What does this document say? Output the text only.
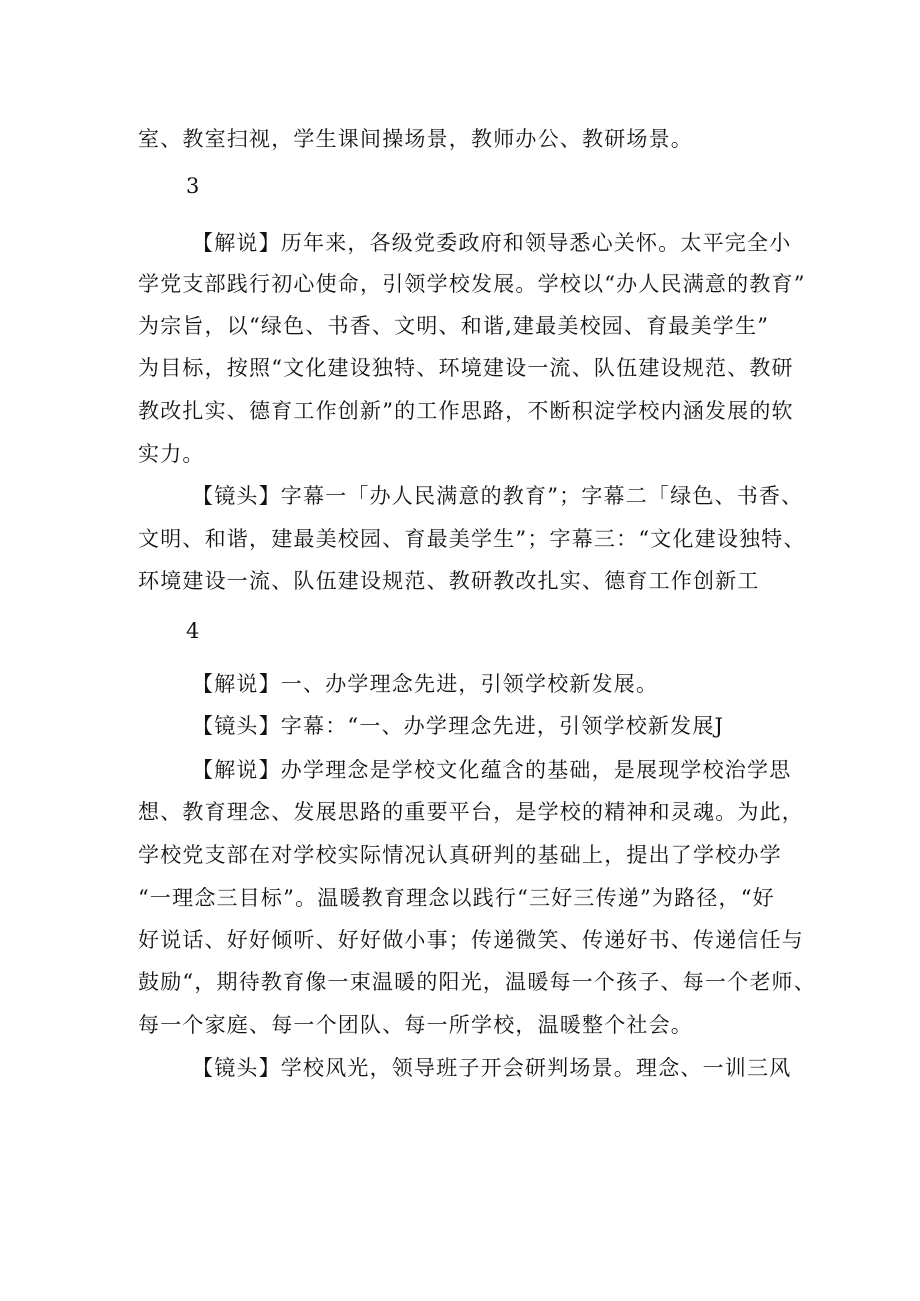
室、教室扫视，学生课间操场景，教师办公、教研场景。
3
【解说】历年来，各级党委政府和领导悉心关怀。太平完全小
学党支部践行初心使命，引领学校发展。学校以“办人民满意的教育”
为宗旨，以“绿色、书香、文明、和谐,建最美校园、育最美学生”
为目标，按照“文化建设独特、环境建设一流、队伍建设规范、教研
教改扎实、德育工作创新”的工作思路，不断积淀学校内涵发展的软
实力。
【镜头】字幕一「办人民满意的教育”；字幕二「绿色、书香、
文明、和谐，建最美校园、育最美学生”；字幕三：“文化建设独特、
环境建设一流、队伍建设规范、教研教改扎实、德育工作创新工
4
【解说】一、办学理念先进，引领学校新发展。
【镜头】字幕：“一、办学理念先进，引领学校新发展J
【解说】办学理念是学校文化蕴含的基础，是展现学校治学思
想、教育理念、发展思路的重要平台，是学校的精神和灵魂。为此，
学校党支部在对学校实际情况认真研判的基础上，提出了学校办学
“一理念三目标”。温暖教育理念以践行“三好三传递”为路径，“好
好说话、好好倾听、好好做小事；传递微笑、传递好书、传递信任与
鼓励“，期待教育像一束温暖的阳光，温暖每一个孩子、每一个老师、
每一个家庭、每一个团队、每一所学校，温暖整个社会。
【镜头】学校风光，领导班子开会研判场景。理念、一训三风
